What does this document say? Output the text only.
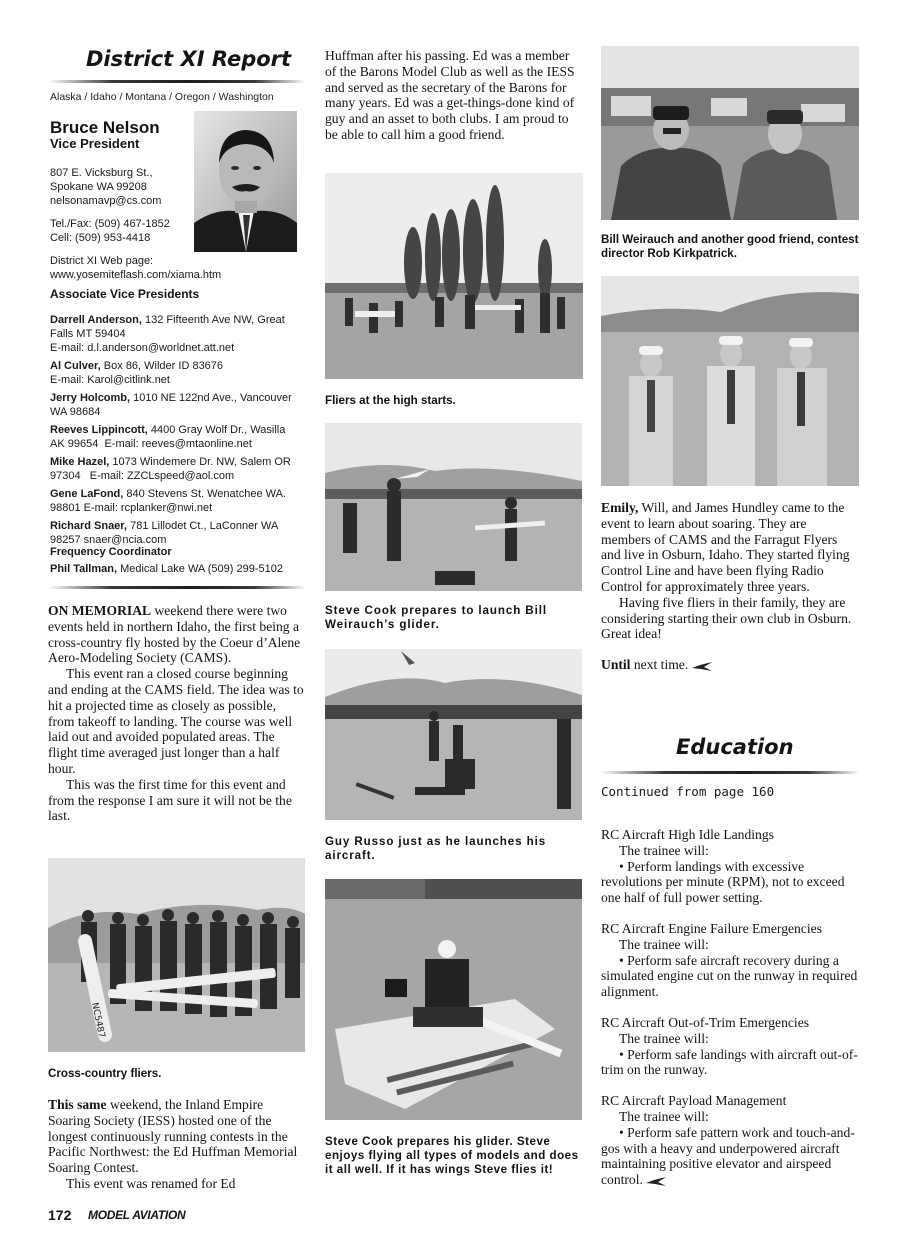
District XI Report
Alaska / Idaho / Montana / Oregon / Washington
Bruce Nelson
Vice President
807 E. Vicksburg St.,
Spokane WA 99208
nelsonamavp@cs.com
Tel./Fax: (509) 467-1852
Cell: (509) 953-4418
District XI Web page:
www.yosemiteflash.com/xiama.htm
Associate Vice Presidents

Darrell Anderson, 132 Fifteenth Ave NW, Great Falls MT 59404
E-mail: d.l.anderson@worldnet.att.net

Al Culver, Box 86, Wilder ID 83676
E-mail: Karol@citlink.net

Jerry Holcomb, 1010 NE 122nd Ave., Vancouver WA 98684

Reeves Lippincott, 4400 Gray Wolf Dr., Wasilla AK 99654 E-mail: reeves@mtaonline.net

Mike Hazel, 1073 Windemere Dr. NW, Salem OR 97304 E-mail: ZZCLspeed@aol.com

Gene LaFond, 840 Stevens St. Wenatchee WA. 98801 E-mail: rcplanker@nwi.net

Richard Snaer, 781 Lillodet Ct., LaConner WA 98257 snaer@ncia.com

Frequency Coordinator
Phil Tallman, Medical Lake WA (509) 299-5102

ON MEMORIAL weekend there were two events held in northern Idaho, the first being a cross-country fly hosted by the Coeur d’Alene Aero-Modeling Society (CAMS).

This event ran a closed course beginning and ending at the CAMS field. The idea was to hit a projected time as closely as possible, from takeoff to landing. The course was well laid out and avoided populated areas. The flight time averaged just longer than a half hour.

This was the first time for this event and from the response I am sure it will not be the last.

NC5487
Cross-country fliers.

This same weekend, the Inland Empire Soaring Society (IESS) hosted one of the longest continuously running contests in the Pacific Northwest: the Ed Huffman Memorial Soaring Contest.

This event was renamed for Ed

Huffman after his passing. Ed was a member of the Barons Model Club as well as the IESS and served as the secretary of the Barons for many years. Ed was a get-things-done kind of guy and an asset to both clubs. I am proud to be able to call him a good friend.
Fliers at the high starts.
Steve Cook prepares to launch Bill Weirauch’s glider.
Guy Russo just as he launches his aircraft.
Steve Cook prepares his glider. Steve enjoys flying all types of models and does it all well. If it has wings Steve flies it!
Bill Weirauch and another good friend, contest director Rob Kirkpatrick.

Emily, Will, and James Hundley came to the event to learn about soaring. They are members of CAMS and the Farragut Flyers and live in Osburn, Idaho. They started flying Control Line and have been flying Radio Control for approximately three years.

Having five fliers in their family, they are considering starting their own club in Osburn. Great idea!

Until next time.

Education
Continued from page 160

RC Aircraft High Idle Landings

The trainee will:

• Perform landings with excessive revolutions per minute (RPM), not to exceed one half of full power setting.

RC Aircraft Engine Failure Emergencies

The trainee will:

• Perform safe aircraft recovery during a simulated engine cut on the runway in required alignment.

RC Aircraft Out-of-Trim Emergencies

The trainee will:

• Perform safe landings with aircraft out-of-trim on the runway.

RC Aircraft Payload Management

The trainee will:

• Perform safe pattern work and touch-and-gos with a heavy and underpowered aircraft maintaining positive elevator and airspeed control.

172 MODEL AVIATION
